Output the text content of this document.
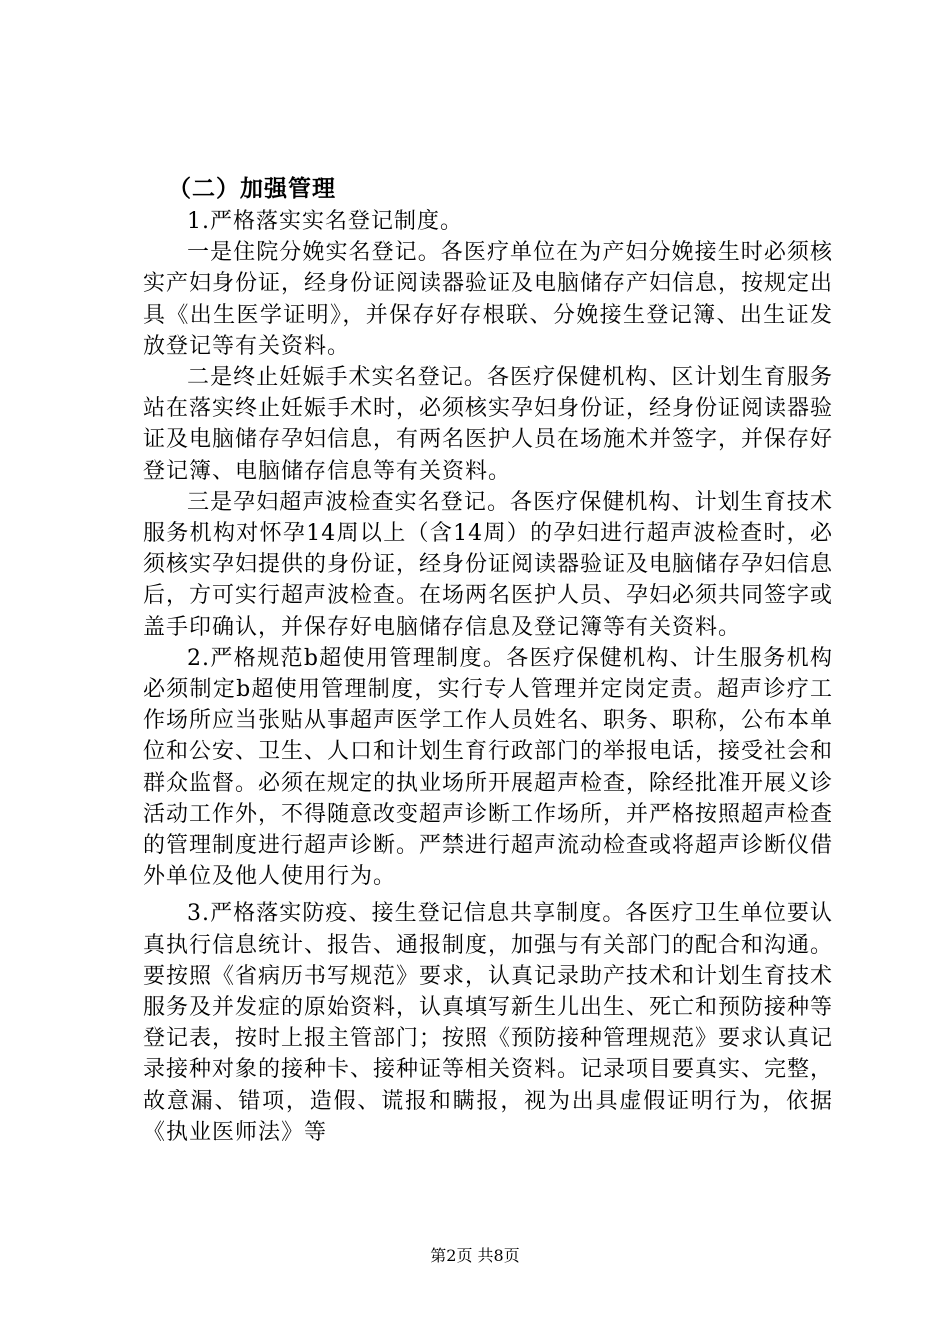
（二）加强管理

1.严格落实实名登记制度。

一是住院分娩实名登记。各医疗单位在为产妇分娩接生时必须核实产妇身份证，经身份证阅读器验证及电脑储存产妇信息，按规定出具《出生医学证明》，并保存好存根联、分娩接生登记簿、出生证发放登记等有关资料。

二是终止妊娠手术实名登记。各医疗保健机构、区计划生育服务站在落实终止妊娠手术时，必须核实孕妇身份证，经身份证阅读器验证及电脑储存孕妇信息，有两名医护人员在场施术并签字，并保存好登记簿、电脑储存信息等有关资料。

三是孕妇超声波检查实名登记。各医疗保健机构、计划生育技术服务机构对怀孕14周以上（含14周）的孕妇进行超声波检查时，必须核实孕妇提供的身份证，经身份证阅读器验证及电脑储存孕妇信息后，方可实行超声波检查。在场两名医护人员、孕妇必须共同签字或盖手印确认，并保存好电脑储存信息及登记簿等有关资料。

2.严格规范b超使用管理制度。各医疗保健机构、计生服务机构必须制定b超使用管理制度，实行专人管理并定岗定责。超声诊疗工作场所应当张贴从事超声医学工作人员姓名、职务、职称，公布本单位和公安、卫生、人口和计划生育行政部门的举报电话，接受社会和群众监督。必须在规定的执业场所开展超声检查，除经批准开展义诊活动工作外，不得随意改变超声诊断工作场所，并严格按照超声检查的管理制度进行超声诊断。严禁进行超声流动检查或将超声诊断仪借外单位及他人使用行为。

3.严格落实防疫、接生登记信息共享制度。各医疗卫生单位要认真执行信息统计、报告、通报制度，加强与有关部门的配合和沟通。要按照《省病历书写规范》要求，认真记录助产技术和计划生育技术服务及并发症的原始资料，认真填写新生儿出生、死亡和预防接种等登记表，按时上报主管部门；按照《预防接种管理规范》要求认真记录接种对象的接种卡、接种证等相关资料。记录项目要真实、完整，故意漏、错项，造假、谎报和瞒报，视为出具虚假证明行为，依据《执业医师法》等

第2页 共8页
